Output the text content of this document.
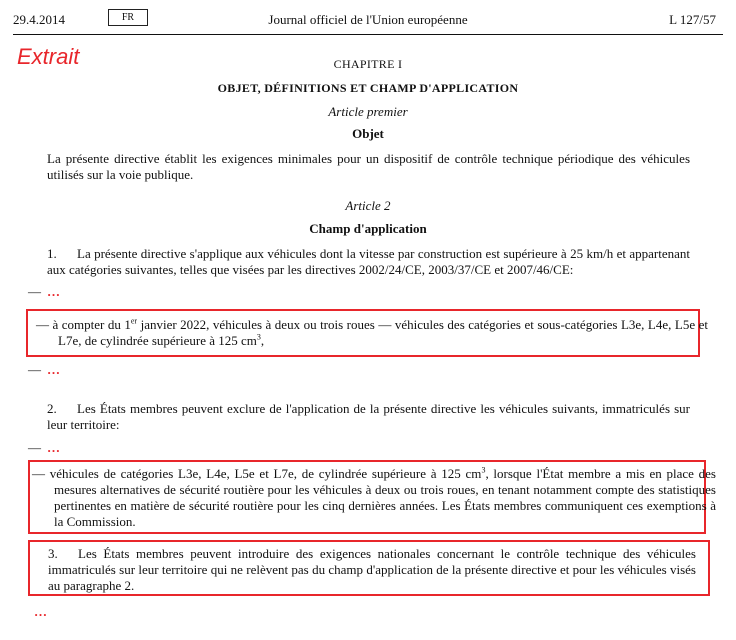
29.4.2014	FR	Journal officiel de l'Union européenne	L 127/57
Extrait	CHAPITRE I
OBJET, DÉFINITIONS ET CHAMP D'APPLICATION
Article premier
Objet
La présente directive établit les exigences minimales pour un dispositif de contrôle technique périodique des véhicules utilisés sur la voie publique.
Article 2
Champ d'application
1. La présente directive s'applique aux véhicules dont la vitesse par construction est supérieure à 25 km/h et appartenant aux catégories suivantes, telles que visées par les directives 2002/24/CE, 2003/37/CE et 2007/46/CE:
— …
— à compter du 1er janvier 2022, véhicules à deux ou trois roues — véhicules des catégories et sous-catégories L3e, L4e, L5e et L7e, de cylindrée supérieure à 125 $cm^3$,
— …
2. Les États membres peuvent exclure de l'application de la présente directive les véhicules suivants, immatriculés sur leur territoire:
— …
— véhicules de catégories L3e, L4e, L5e et L7e, de cylindrée supérieure à 125 $cm^3$, lorsque l'État membre a mis en place des mesures alternatives de sécurité routière pour les véhicules à deux ou trois roues, en tenant notamment compte des statistiques pertinentes en matière de sécurité routière pour les cinq dernières années. Les États membres communiquent ces exemptions à la Commission.
3. Les États membres peuvent introduire des exigences nationales concernant le contrôle technique des véhicules immatriculés sur leur territoire qui ne relèvent pas du champ d'application de la présente directive et pour les véhicules visés au paragraphe 2.
…
